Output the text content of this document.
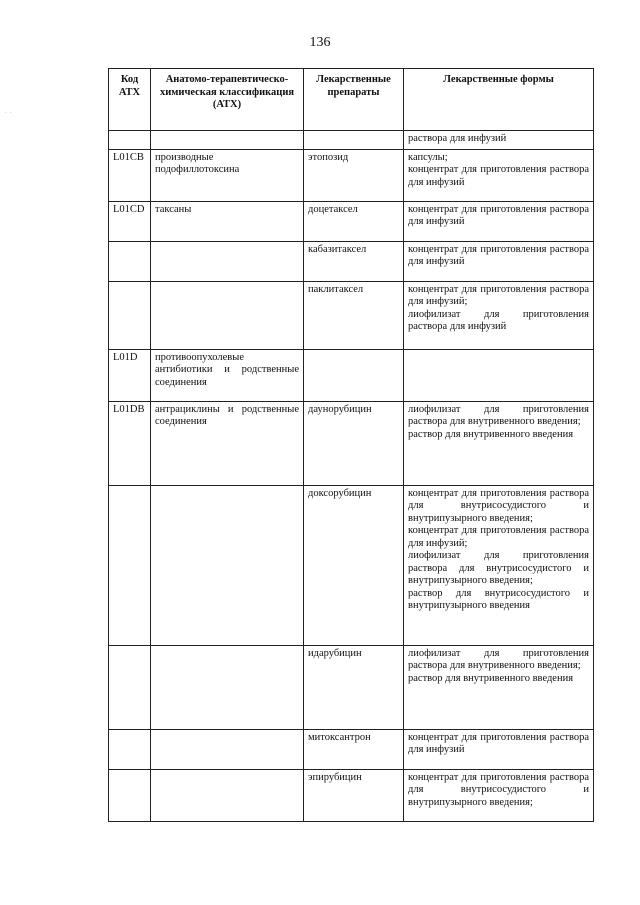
136
· ·
Код АТХ	Анатомо-терапевтическо-химическая классификация (АТХ)	Лекарственные препараты	Лекарственные формы
			раствора для инфузий
L01CB	производные подофиллотоксина	этопозид	капсулы;
концентрат для приготовления раствора для инфузий
L01CD	таксаны	доцетаксел	концентрат для приготовления раствора для инфузий
		кабазитаксел	концентрат для приготовления раствора для инфузий
		паклитаксел	концентрат для приготовления раствора для инфузий;
лиофилизат для приготовления раствора для инфузий
L01D	противоопухолевые антибиотики и родственные соединения		
L01DB	антрациклины и родственные соединения	даунорубицин	лиофилизат для приготовления раствора для внутривенного введения;
раствор для внутривенного введения
		доксорубицин	концентрат для приготовления раствора для внутрисосудистого и внутрипузырного введения;
концентрат для приготовления раствора для инфузий;
лиофилизат для приготовления раствора для внутрисосудистого и внутрипузырного введения;
раствор для внутрисосудистого и внутрипузырного введения
		идарубицин	лиофилизат для приготовления раствора для внутривенного введения;
раствор для внутривенного введения
		митоксантрон	концентрат для приготовления раствора для инфузий
		эпирубицин	концентрат для приготовления раствора для внутрисосудистого и внутрипузырного введения;
